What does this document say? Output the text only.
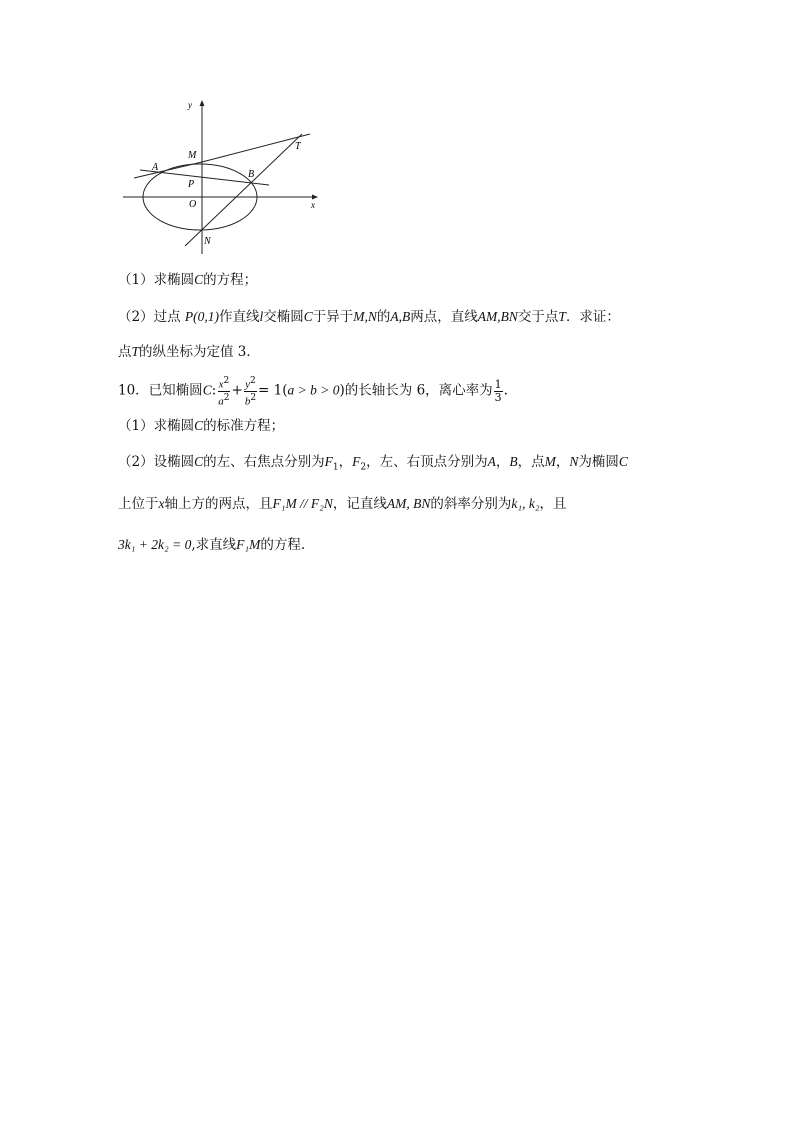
y
x
T
M
A
B
P
O
N
（1）求椭圆C的方程；
（2）过点 P(0,1)作直线l交椭圆C于异于M,N的A,B两点，直线AM,BN交于点T．求证：
点T的纵坐标为定值 3．
10．已知椭圆C: $\frac{x^2}{a^2} + \frac{y^2}{b^2} = 1(a > b > 0)$的长轴长为 6，离心率为 $\frac{1}{3}$ .
（1）求椭圆C的标准方程；
（2）设椭圆C的左、右焦点分别为$F_1$，$F_2$，左、右顶点分别为A，B，点M，N为椭圆C
上位于x轴上方的两点，且F₁M // F₂N，记直线AM, BN的斜率分别为k₁, k₂，且
3k₁ + 2k₂ = 0,求直线F₁M的方程.
